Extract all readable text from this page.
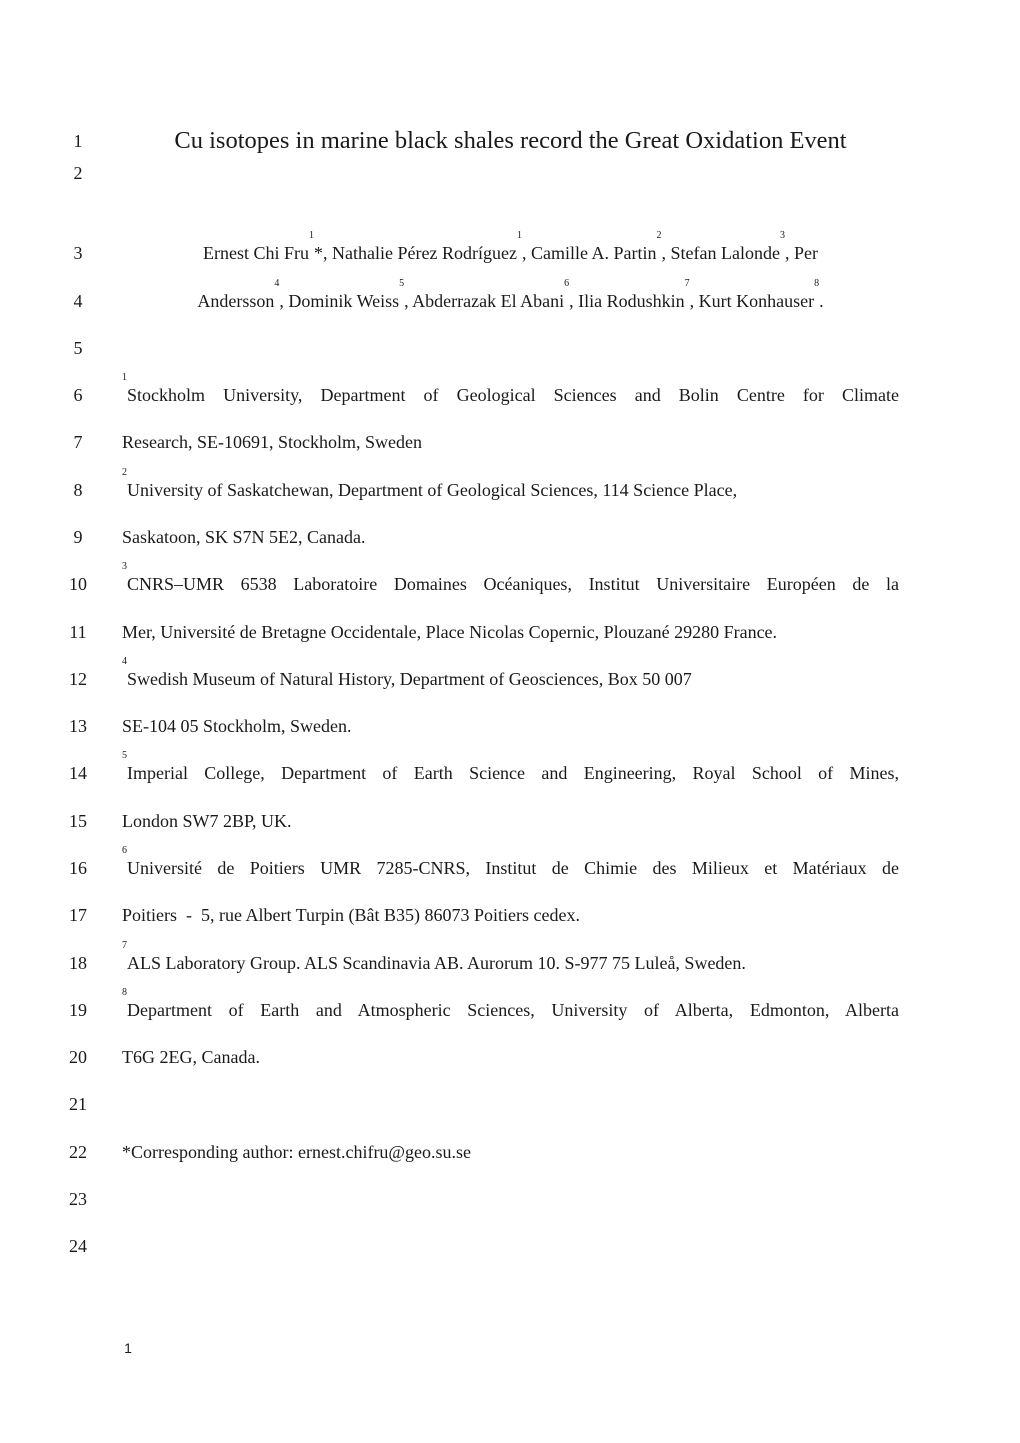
1	Cu isotopes in marine black shales record the Great Oxidation Event
2
3	Ernest Chi Fru$^1$*, Nathalie Pérez Rodríguez$^1$, Camille A. Partin$^2$, Stefan Lalonde$^3$, Per
4	Andersson$^4$, Dominik Weiss$^5$, Abderrazak El Abani$^6$, Ilia Rodushkin$^7$, Kurt Konhauser$^8$.
5
6
$^1$Stockholm University, Department of Geological Sciences and Bolin Centre for Climate
7	Research, SE-10691, Stockholm, Sweden
8
$^2$University of Saskatchewan, Department of Geological Sciences, 114 Science Place,
9	Saskatoon, SK S7N 5E2, Canada.
10
$^3$CNRS–UMR 6538 Laboratoire Domaines Océaniques, Institut Universitaire Européen de la
11	Mer, Université de Bretagne Occidentale, Place Nicolas Copernic, Plouzané 29280 France.
12
$^4$Swedish Museum of Natural History, Department of Geosciences, Box 50 007
13	SE-104 05 Stockholm, Sweden.
14
$^5$Imperial College, Department of Earth Science and Engineering, Royal School of Mines,
15	London SW7 2BP, UK.
16
$^6$Université de Poitiers UMR 7285-CNRS, Institut de Chimie des Milieux et Matériaux de
17	Poitiers  -  5, rue Albert Turpin (Bât B35) 86073 Poitiers cedex.
18
$^7$ALS Laboratory Group. ALS Scandinavia AB. Aurorum 10. S-977 75 Luleå, Sweden.
19
$^8$Department of Earth and Atmospheric Sciences, University of Alberta, Edmonton, Alberta
20	T6G 2EG, Canada.
21
22	*Corresponding author: ernest.chifru@geo.su.se
23
24
1
